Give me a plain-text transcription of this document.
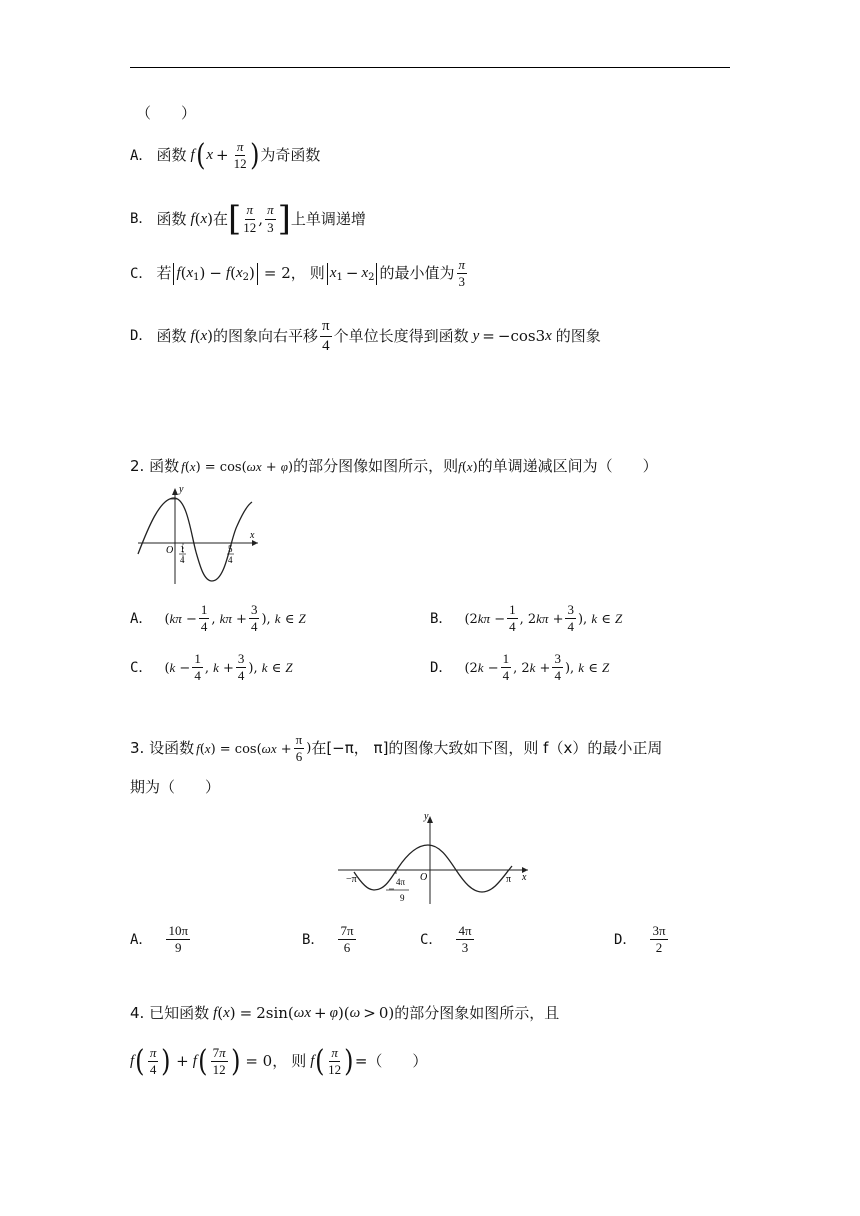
（　　）
A． 函数 f ( $x + \frac{\pi}{12}$ ) 为奇函数
B． 函数 f ( x ) 在 [ $\frac{\pi}{12}$ , $\frac{\pi}{3}$ ] 上单调递增
C． 若 f ( x 1 ) − f ( x 2 ) = 2， 则 x 1 − x 2 的最小值为 $\frac{\pi}{3}$
D． 函数 f ( x ) 的图象向右平移 $\frac{\pi}{4}$ 个单位长度得到函数 y = −cos3 x 的图象
2. 函数 f(x) = cos(ωx + φ) 的部分图像如图所示，则 f(x) 的单调递减区间为（　　）
y
x
O 1
4
5
4
A． ($k\pi - \frac{1}{4}$ , $k\pi + \frac{3}{4}$ ), k ∈ Z	B． ($2k\pi - \frac{1}{4}$ , $2k\pi + \frac{3}{4}$ ), k ∈ Z
C． ($k - \frac{1}{4}$ , $k + \frac{3}{4}$ ), k ∈ Z	D． ($2k - \frac{1}{4}$ , $2k + \frac{3}{4}$ ), k ∈ Z
3. 设函数 $f(x) = \cos(\omega x + \frac{\pi}{6}$ ) 在[−π， π]的图像大致如下图，则 f（x）的最小正周
期为（　　）
y
x
O
−π	π
4π
9
A． $\frac{10\pi}{9}$	B． $\frac{7\pi}{6}$	C． $\frac{4\pi}{3}$	D． $\frac{3\pi}{2}$
4. 已知函数 f ( x ) = 2sin( ωx + φ )( ω > 0) 的部分图象如图所示，且
f ( $\frac{\pi}{4}$ ) + f ( $\frac{7\pi}{12}$ ) = 0， 则 f ( $\frac{\pi}{12}$ ) =（　　）
